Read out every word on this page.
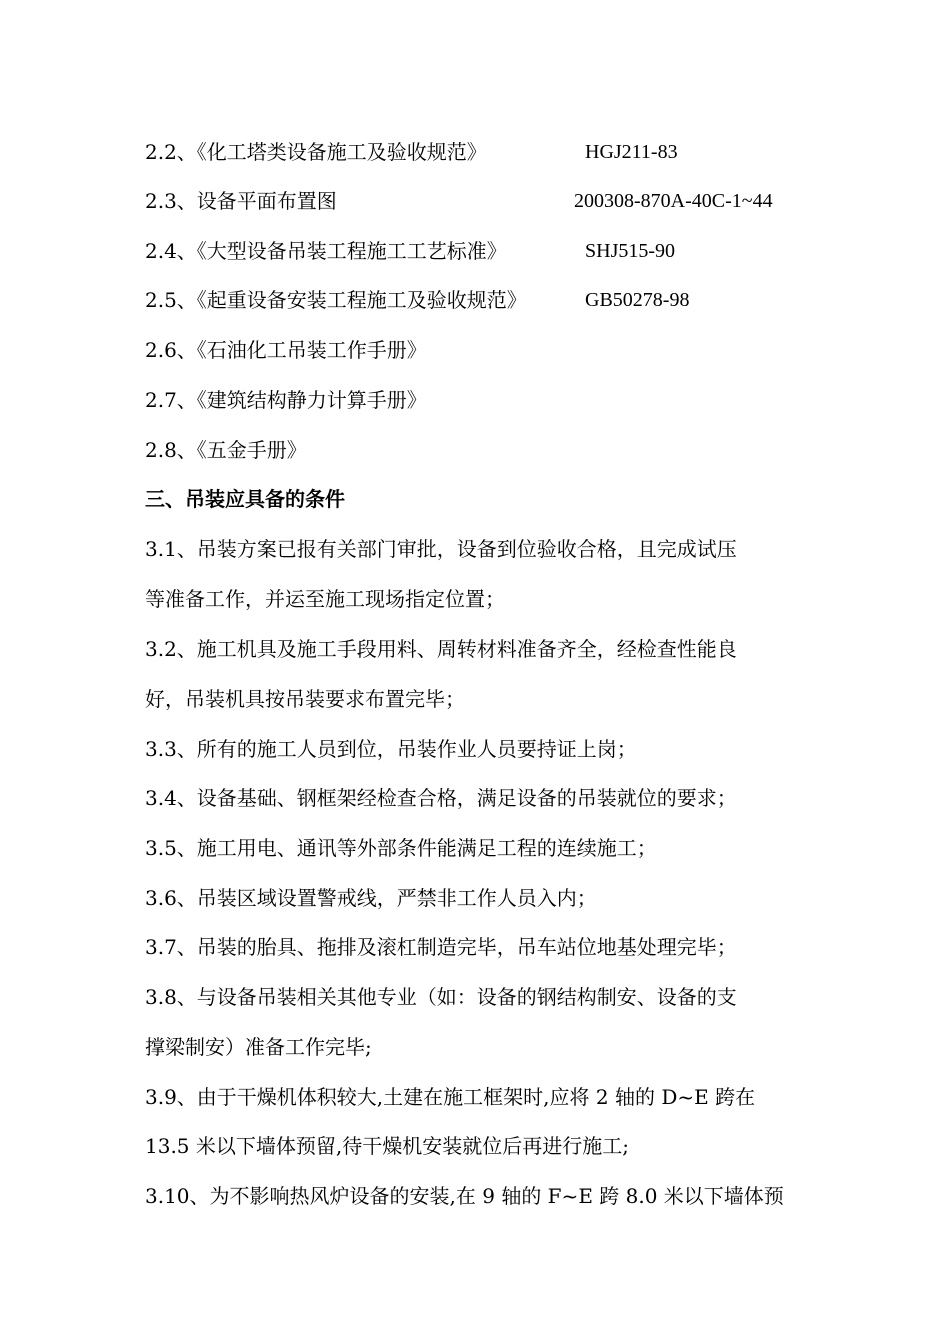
2.2、《化工塔类设备施工及验收规范》	HGJ211-83
2.3、设备平面布置图	200308-870A-40C-1~44
2.4、《大型设备吊装工程施工工艺标准》	SHJ515-90
2.5、《起重设备安装工程施工及验收规范》	GB50278-98
2.6、《石油化工吊装工作手册》
2.7、《建筑结构静力计算手册》
2.8、《五金手册》
三、吊装应具备的条件
3.1、吊装方案已报有关部门审批，设备到位验收合格，且完成试压
等准备工作，并运至施工现场指定位置；
3.2、施工机具及施工手段用料、周转材料准备齐全，经检查性能良
好，吊装机具按吊装要求布置完毕；
3.3、所有的施工人员到位，吊装作业人员要持证上岗；
3.4、设备基础、钢框架经检查合格，满足设备的吊装就位的要求；
3.5、施工用电、通讯等外部条件能满足工程的连续施工；
3.6、吊装区域设置警戒线，严禁非工作人员入内；
3.7、吊装的胎具、拖排及滚杠制造完毕，吊车站位地基处理完毕；
3.8、与设备吊装相关其他专业（如：设备的钢结构制安、设备的支
撑梁制安）准备工作完毕;
3.9、由于干燥机体积较大,土建在施工框架时,应将 2 轴的 D~E 跨在
13.5 米以下墙体预留,待干燥机安装就位后再进行施工;
3.10、为不影响热风炉设备的安装,在 9 轴的 F~E 跨 8.0 米以下墙体预
